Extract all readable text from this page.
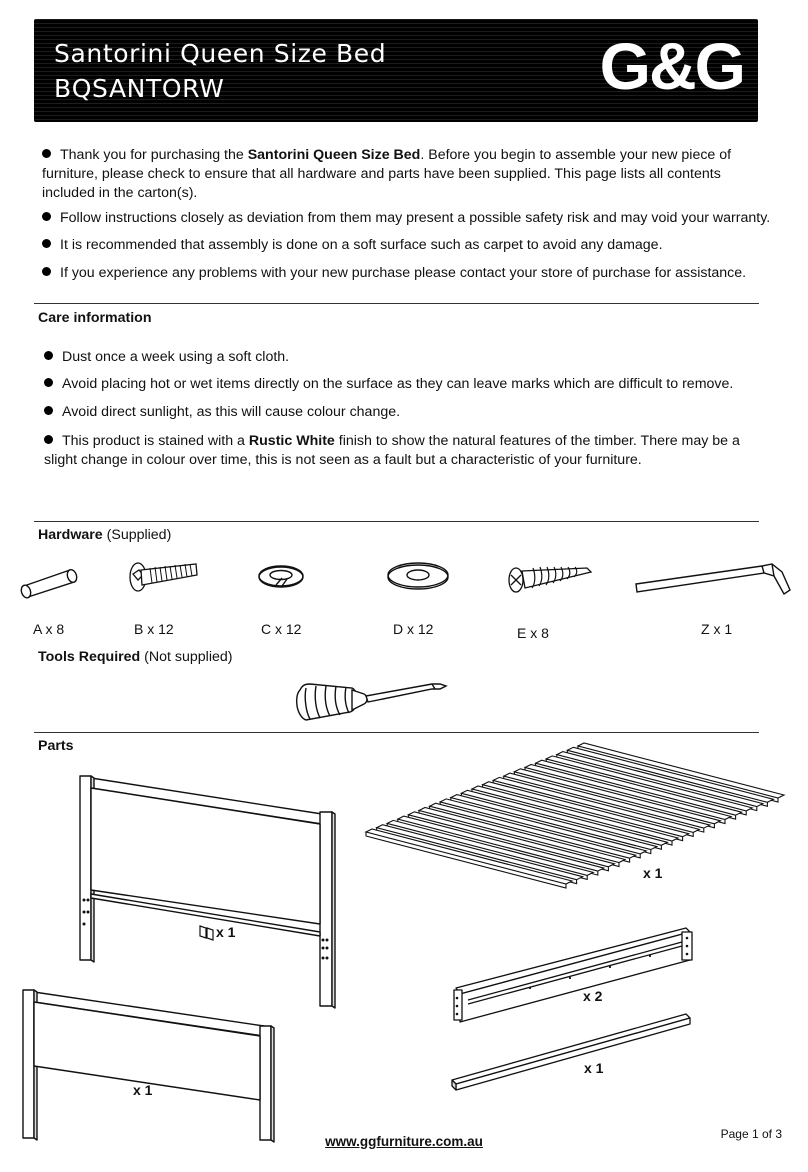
Santorini Queen Size Bed
BQSANTORW	G&G
Thank you for purchasing the Santorini Queen Size Bed. Before you begin to assemble your new piece of furniture, please check to ensure that all hardware and parts have been supplied. This page lists all contents included in the carton(s).
Follow instructions closely as deviation from them may present a possible safety risk and may void your warranty.
It is recommended that assembly is done on a soft surface such as carpet to avoid any damage.
If you experience any problems with your new purchase please contact your store of purchase for assistance.
Care information
Dust once a week using a soft cloth.
Avoid placing hot or wet items directly on the surface as they can leave marks which are difficult to remove.
Avoid direct sunlight, as this will cause colour change.
This product is stained with a Rustic White finish to show the natural features of the timber. There may be a slight change in colour over time, this is not seen as a fault but a characteristic of your furniture.
Hardware (Supplied)
A x 8	B x 12	C x 12	D x 12	E x 8	Z x 1
Tools Required (Not supplied)
Parts
x 1
x 1
x 1
x 2
x 1
Page 1 of 3
www.ggfurniture.com.au
